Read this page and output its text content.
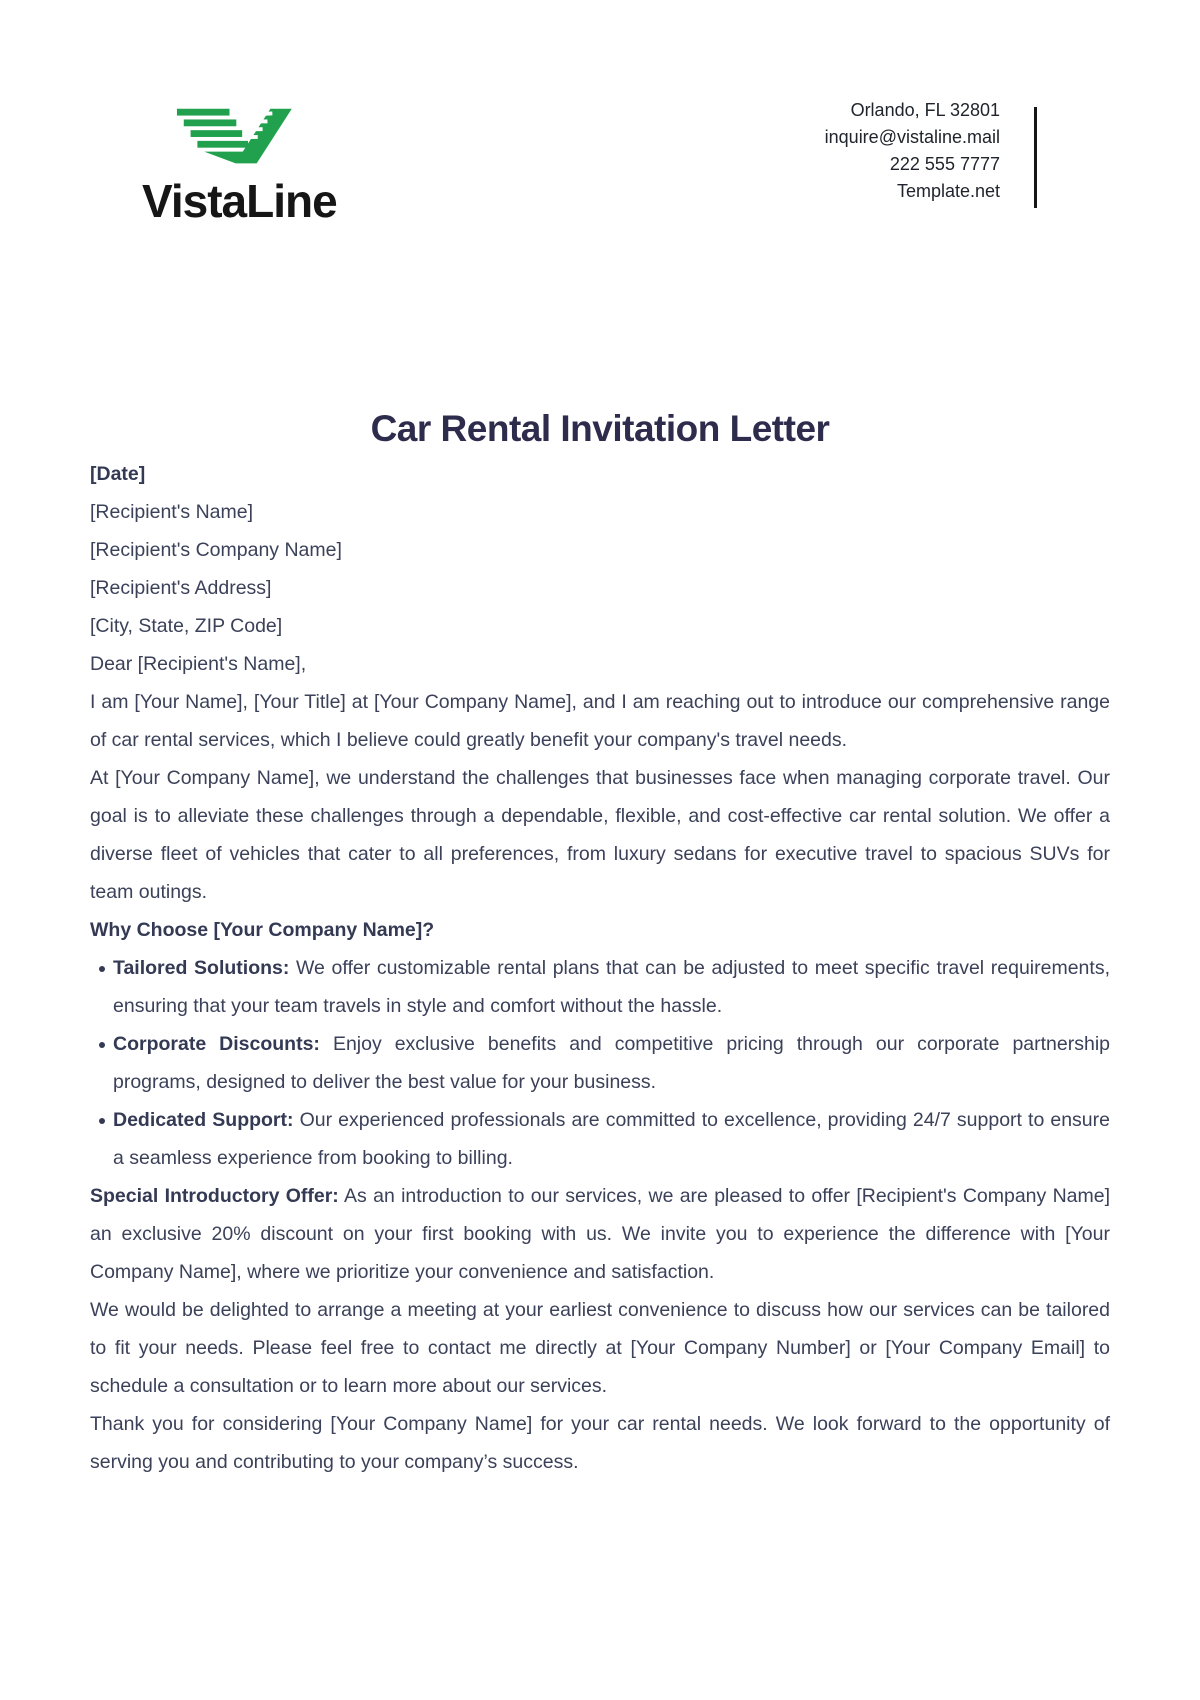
VistaLine
Orlando, FL 32801
inquire@vistaline.mail
222 555 7777
Template.net
Car Rental Invitation Letter

[Date]

[Recipient's Name]

[Recipient's Company Name]

[Recipient's Address]

[City, State, ZIP Code]

Dear [Recipient's Name],

I am [Your Name], [Your Title] at [Your Company Name], and I am reaching out to introduce our comprehensive range of car rental services, which I believe could greatly benefit your company's travel needs.

At [Your Company Name], we understand the challenges that businesses face when managing corporate travel. Our goal is to alleviate these challenges through a dependable, flexible, and cost-effective car rental solution. We offer a diverse fleet of vehicles that cater to all preferences, from luxury sedans for executive travel to spacious SUVs for team outings.

Why Choose [Your Company Name]?

Tailored Solutions: We offer customizable rental plans that can be adjusted to meet specific travel requirements, ensuring that your team travels in style and comfort without the hassle.
Corporate Discounts: Enjoy exclusive benefits and competitive pricing through our corporate partnership programs, designed to deliver the best value for your business.
Dedicated Support: Our experienced professionals are committed to excellence, providing 24/7 support to ensure a seamless experience from booking to billing.

Special Introductory Offer: As an introduction to our services, we are pleased to offer [Recipient's Company Name] an exclusive 20% discount on your first booking with us. We invite you to experience the difference with [Your Company Name], where we prioritize your convenience and satisfaction.

We would be delighted to arrange a meeting at your earliest convenience to discuss how our services can be tailored to fit your needs. Please feel free to contact me directly at [Your Company Number] or [Your Company Email] to schedule a consultation or to learn more about our services.

Thank you for considering [Your Company Name] for your car rental needs. We look forward to the opportunity of serving you and contributing to your company’s success.
